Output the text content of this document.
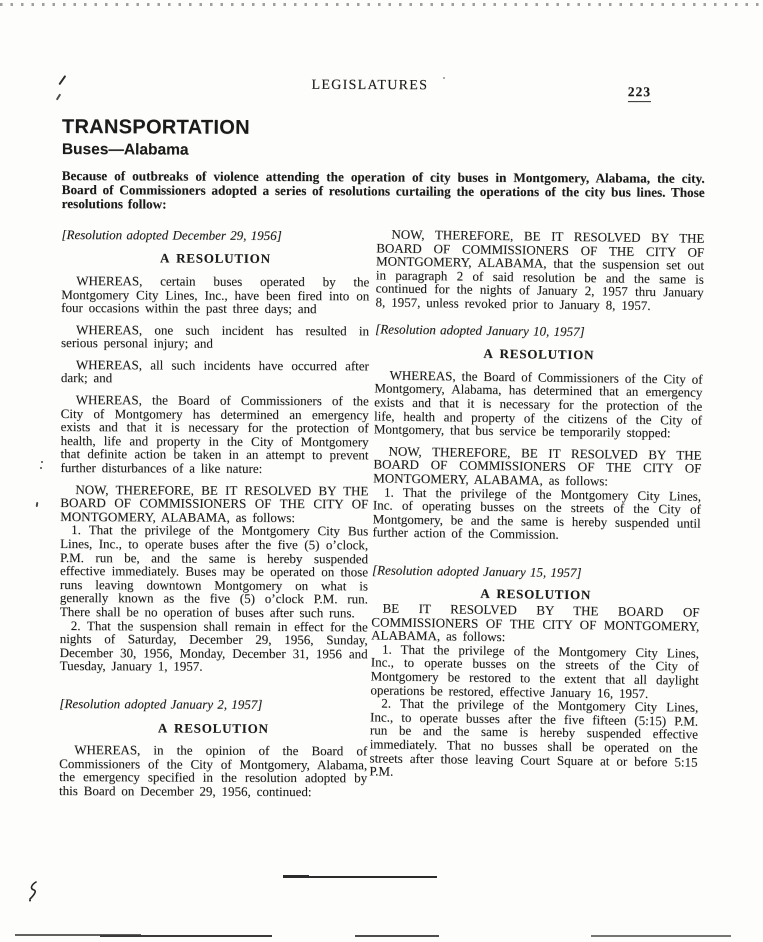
LEGISLATURES	223
TRANSPORTATION
Buses—Alabama

Because of outbreaks of violence attending the operation of city buses in Montgomery, Alabama, the city. Board of Commissioners adopted a series of resolutions curtailing the operations of the city bus lines. Those resolutions follow:

[Resolution adopted December 29, 1956]

A RESOLUTION

WHEREAS, certain buses operated by the Montgomery City Lines, Inc., have been fired into on four occasions within the past three days; and

WHEREAS, one such incident has resulted in serious personal injury; and

WHEREAS, all such incidents have occurred after dark; and

WHEREAS, the Board of Commissioners of the City of Montgomery has determined an emergency exists and that it is necessary for the protection of health, life and property in the City of Montgomery that definite action be taken in an attempt to prevent further disturbances of a like nature:

NOW, THEREFORE, BE IT RESOLVED BY THE BOARD OF COMMISSIONERS OF THE CITY OF MONTGOMERY, ALABAMA, as follows:

1. That the privilege of the Montgomery City Bus Lines, Inc., to operate buses after the five (5) o’clock, P.M. run be, and the same is hereby suspended effective immediately. Buses may be operated on those runs leaving downtown Montgomery on what is generally known as the five (5) o’clock P.M. run. There shall be no operation of buses after such runs.

2. That the suspension shall remain in effect for the nights of Saturday, December 29, 1956, Sunday, December 30, 1956, Monday, December 31, 1956 and Tuesday, January 1, 1957.

[Resolution adopted January 2, 1957]

A RESOLUTION

WHEREAS, in the opinion of the Board of Commissioners of the City of Montgomery, Alabama, the emergency specified in the resolution adopted by this Board on December 29, 1956, continued:

NOW, THEREFORE, BE IT RESOLVED BY THE BOARD OF COMMISSIONERS OF THE CITY OF MONTGOMERY, ALABAMA, that the suspension set out in paragraph 2 of said resolution be and the same is continued for the nights of January 2, 1957 thru January 8, 1957, unless revoked prior to January 8, 1957.

[Resolution adopted January 10, 1957]

A RESOLUTION

WHEREAS, the Board of Commissioners of the City of Montgomery, Alabama, has determined that an emergency exists and that it is necessary for the protection of the life, health and property of the citizens of the City of Montgomery, that bus service be temporarily stopped:

NOW, THEREFORE, BE IT RESOLVED BY THE BOARD OF COMMISSIONERS OF THE CITY OF MONTGOMERY, ALABAMA, as follows:

1. That the privilege of the Montgomery City Lines, Inc. of operating busses on the streets of the City of Montgomery, be and the same is hereby suspended until further action of the Commission.

[Resolution adopted January 15, 1957]

A RESOLUTION

BE IT RESOLVED BY THE BOARD OF COMMISSIONERS OF THE CITY OF MONTGOMERY, ALABAMA, as follows:

1. That the privilege of the Montgomery City Lines, Inc., to operate busses on the streets of the City of Montgomery be restored to the extent that all daylight operations be restored, effective January 16, 1957.

2. That the privilege of the Montgomery City Lines, Inc., to operate busses after the five fifteen (5:15) P.M. run be and the same is hereby suspended effective immediately. That no busses shall be operated on the streets after those leaving Court Square at or before 5:15 P.M.
